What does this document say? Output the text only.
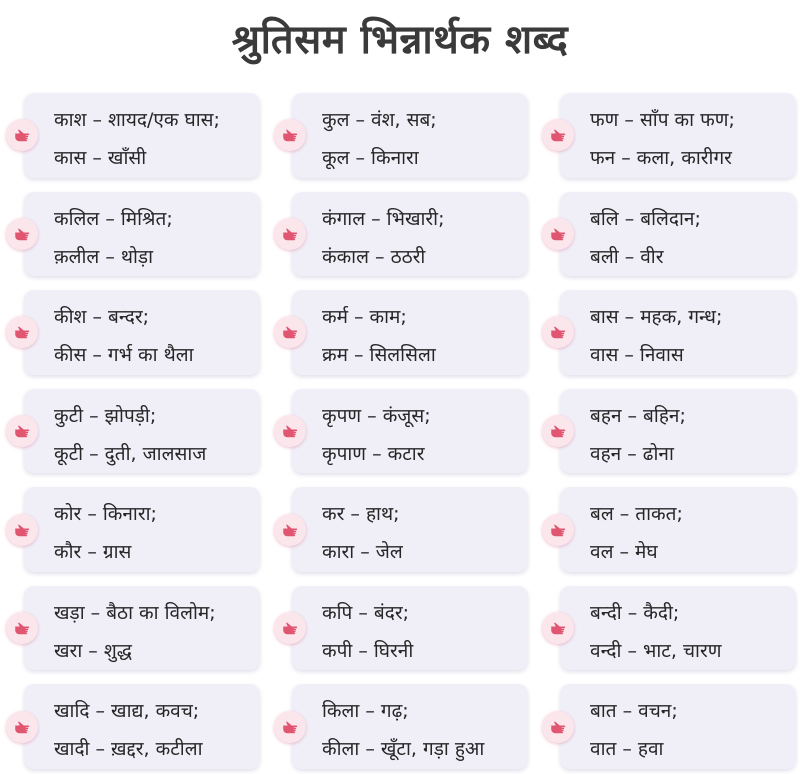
श्रुतिसम भिन्नार्थक शब्द
काश – शायद/एक घास;
कास – खाँसी
कुल – वंश, सब;
कूल – किनारा
फण – साँप का फण;
फन – कला, कारीगर
कलिल – मिश्रित;
क़लील – थोड़ा
कंगाल – भिखारी;
कंकाल – ठठरी
बलि – बलिदान;
बली – वीर
कीश – बन्दर;
कीस – गर्भ का थैला
कर्म – काम;
क्रम – सिलसिला
बास – महक, गन्ध;
वास – निवास
कुटी – झोपड़ी;
कूटी – दुती, जालसाज
कृपण – कंजूस;
कृपाण – कटार
बहन – बहिन;
वहन – ढोना
कोर – किनारा;
कौर – ग्रास
कर – हाथ;
कारा – जेल
बल – ताकत;
वल – मेघ
खड़ा – बैठा का विलोम;
खरा – शुद्ध
कपि – बंदर;
कपी – घिरनी
बन्दी – कैदी;
वन्दी – भाट, चारण
खादि – खाद्य, कवच;
खादी – ख़द्दर, कटीला
किला – गढ़;
कीला – खूँटा, गड़ा हुआ
बात – वचन;
वात – हवा
